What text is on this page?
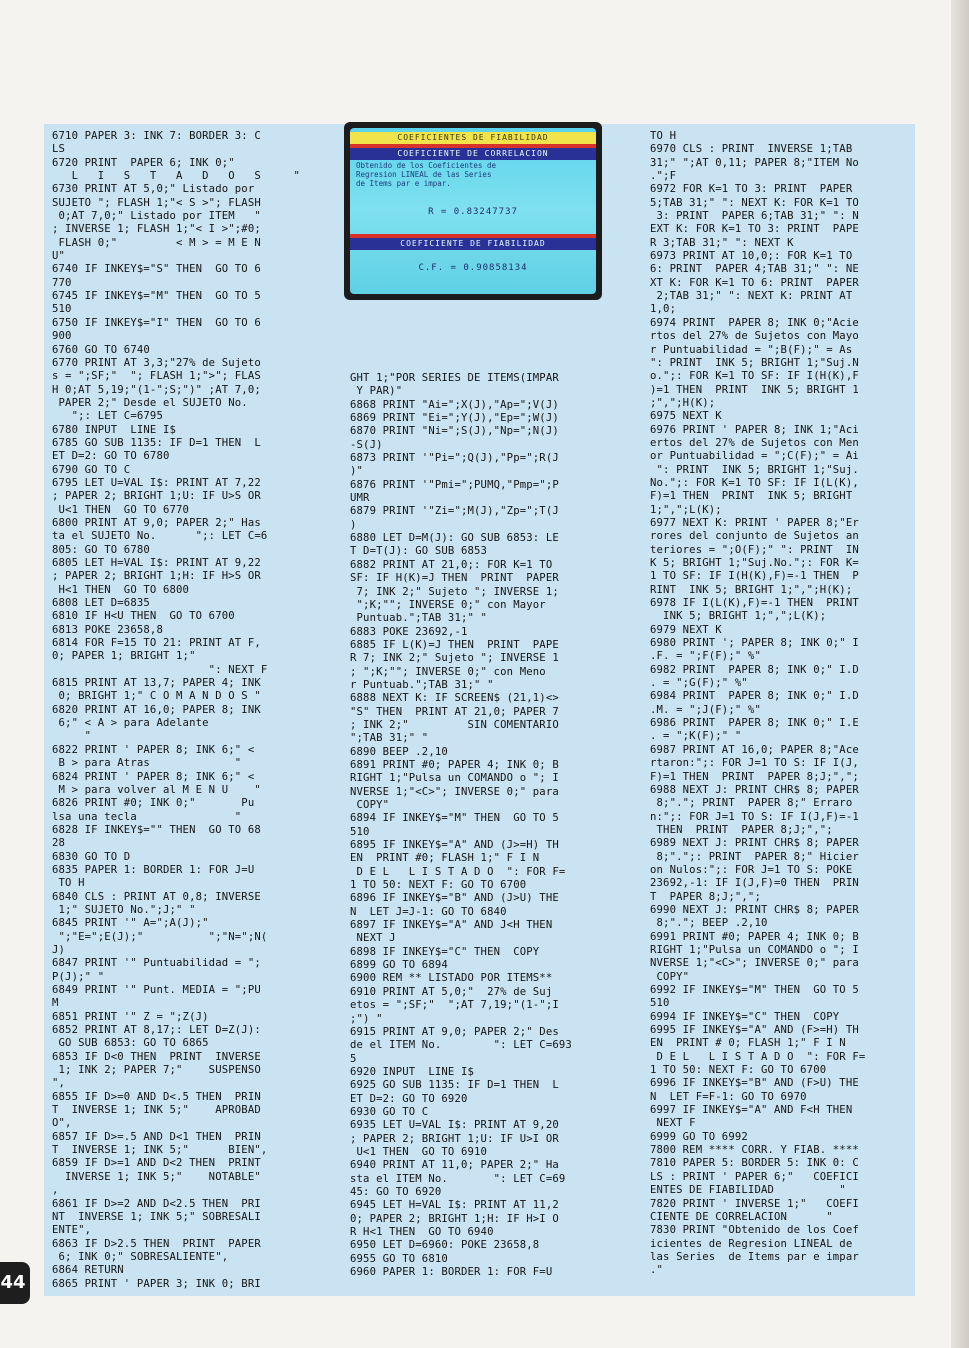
6710 PAPER 3: INK 7: BORDER 3: C
LS
6720 PRINT  PAPER 6; INK 0;"
L   I   S   T   A   D   O   S     "
6730 PRINT AT 5,0;" Listado por
SUJETO "; FLASH 1;"< S >"; FLASH
0;AT 7,0;" Listado por ITEM   "
; INVERSE 1; FLASH 1;"< I >";#0;
FLASH 0;"         < M > = M E N
U"
6740 IF INKEY$="S" THEN  GO TO 6
770
6745 IF INKEY$="M" THEN  GO TO 5
510
6750 IF INKEY$="I" THEN  GO TO 6
900
6760 GO TO 6740
6770 PRINT AT 3,3;"27% de Sujeto
s = ";SF;"  "; FLASH 1;">"; FLAS
H 0;AT 5,19;"(1-";S;")" ;AT 7,0;
PAPER 2;" Desde el SUJETO No.
";: LET C=6795
6780 INPUT  LINE I$
6785 GO SUB 1135: IF D=1 THEN  L
ET D=2: GO TO 6780
6790 GO TO C
6795 LET U=VAL I$: PRINT AT 7,22
; PAPER 2; BRIGHT 1;U: IF U>S OR
U<1 THEN  GO TO 6770
6800 PRINT AT 9,0; PAPER 2;" Has
ta el SUJETO No.      ";: LET C=6
805: GO TO 6780
6805 LET H=VAL I$: PRINT AT 9,22
; PAPER 2; BRIGHT 1;H: IF H>S OR
H<1 THEN  GO TO 6800
6808 LET D=6835
6810 IF H<U THEN  GO TO 6700
6813 POKE 23658,8
6814 FOR F=15 TO 21: PRINT AT F,
0; PAPER 1; BRIGHT 1;"
": NEXT F
6815 PRINT AT 13,7; PAPER 4; INK
0; BRIGHT 1;" C O M A N D O S "
6820 PRINT AT 16,0; PAPER 8; INK
6;" < A > para Adelante
"
6822 PRINT ' PAPER 8; INK 6;" <
B > para Atras             "
6824 PRINT ' PAPER 8; INK 6;" <
M > para volver al M E N U    "
6826 PRINT #0; INK 0;"       Pu
lsa una tecla               "
6828 IF INKEY$="" THEN  GO TO 68
28
6830 GO TO D
6835 PAPER 1: BORDER 1: FOR J=U
TO H
6840 CLS : PRINT AT 0,8; INVERSE
1;" SUJETO No.";J;" "
6845 PRINT '" A=";A(J);"
";"E=";E(J);"          ";"N=";N(
J)
6847 PRINT '" Puntuabilidad = ";
P(J);" "
6849 PRINT '" Punt. MEDIA = ";PU
M
6851 PRINT '" Z = ";Z(J)
6852 PRINT AT 8,17;: LET D=Z(J):
GO SUB 6853: GO TO 6865
6853 IF D<0 THEN  PRINT  INVERSE
1; INK 2; PAPER 7;"    SUSPENSO
",
6855 IF D>=0 AND D<.5 THEN  PRIN
T  INVERSE 1; INK 5;"    APROBAD
O",
6857 IF D>=.5 AND D<1 THEN  PRIN
T  INVERSE 1; INK 5;"      BIEN",
6859 IF D>=1 AND D<2 THEN  PRINT
INVERSE 1; INK 5;"    NOTABLE"
,
6861 IF D>=2 AND D<2.5 THEN  PRI
NT  INVERSE 1; INK 5;" SOBRESALI
ENTE",
6863 IF D>2.5 THEN  PRINT  PAPER
6; INK 0;" SOBRESALIENTE",
6864 RETURN
6865 PRINT ' PAPER 3; INK 0; BRI
GHT 1;"POR SERIES DE ITEMS(IMPAR
Y PAR)"
6868 PRINT "Ai=";X(J),"Ap=";V(J)
6869 PRINT "Ei=";Y(J),"Ep=";W(J)
6870 PRINT "Ni=";S(J),"Np=";N(J)
-S(J)
6873 PRINT '"Pi=";Q(J),"Pp=";R(J
)"
6876 PRINT '"Pmi=";PUMQ,"Pmp=";P
UMR
6879 PRINT '"Zi=";M(J),"Zp=";T(J
)
6880 LET D=M(J): GO SUB 6853: LE
T D=T(J): GO SUB 6853
6882 PRINT AT 21,0;: FOR K=1 TO
SF: IF H(K)=J THEN  PRINT  PAPER
7; INK 2;" Sujeto "; INVERSE 1;
";K;""; INVERSE 0;" con Mayor
Puntuab.";TAB 31;" "
6883 POKE 23692,-1
6885 IF L(K)=J THEN  PRINT  PAPE
R 7; INK 2;" Sujeto "; INVERSE 1
; ";K;""; INVERSE 0;" con Meno
r Puntuab.";TAB 31;" "
6888 NEXT K: IF SCREEN$ (21,1)<>
"S" THEN  PRINT AT 21,0; PAPER 7
; INK 2;"         SIN COMENTARIO
";TAB 31;" "
6890 BEEP .2,10
6891 PRINT #0; PAPER 4; INK 0; B
RIGHT 1;"Pulsa un COMANDO o "; I
NVERSE 1;"<C>"; INVERSE 0;" para
COPY"
6894 IF INKEY$="M" THEN  GO TO 5
510
6895 IF INKEY$="A" AND (J>=H) TH
EN  PRINT #0; FLASH 1;" F I N
D E L   L I S T A D O  ": FOR F=
1 TO 50: NEXT F: GO TO 6700
6896 IF INKEY$="B" AND (J>U) THE
N  LET J=J-1: GO TO 6840
6897 IF INKEY$="A" AND J<H THEN
NEXT J
6898 IF INKEY$="C" THEN  COPY
6899 GO TO 6894
6900 REM ** LISTADO POR ITEMS**
6910 PRINT AT 5,0;"  27% de Suj
etos = ";SF;"  ";AT 7,19;"(1-";I
;") "
6915 PRINT AT 9,0; PAPER 2;" Des
de el ITEM No.        ": LET C=693
5
6920 INPUT  LINE I$
6925 GO SUB 1135: IF D=1 THEN  L
ET D=2: GO TO 6920
6930 GO TO C
6935 LET U=VAL I$: PRINT AT 9,20
; PAPER 2; BRIGHT 1;U: IF U>I OR
U<1 THEN  GO TO 6910
6940 PRINT AT 11,0; PAPER 2;" Ha
sta el ITEM No.       ": LET C=69
45: GO TO 6920
6945 LET H=VAL I$: PRINT AT 11,2
0; PAPER 2; BRIGHT 1;H: IF H>I O
R H<1 THEN  GO TO 6940
6950 LET D=6960: POKE 23658,8
6955 GO TO 6810
6960 PAPER 1: BORDER 1: FOR F=U
TO H
6970 CLS : PRINT  INVERSE 1;TAB
31;" ";AT 0,11; PAPER 8;"ITEM No
.";F
6972 FOR K=1 TO 3: PRINT  PAPER
5;TAB 31;" ": NEXT K: FOR K=1 TO
3: PRINT  PAPER 6;TAB 31;" ": N
EXT K: FOR K=1 TO 3: PRINT  PAPE
R 3;TAB 31;" ": NEXT K
6973 PRINT AT 10,0;: FOR K=1 TO
6: PRINT  PAPER 4;TAB 31;" ": NE
XT K: FOR K=1 TO 6: PRINT  PAPER
2;TAB 31;" ": NEXT K: PRINT AT
1,0;
6974 PRINT  PAPER 8; INK 0;"Acie
rtos del 27% de Sujetos con Mayo
r Puntuabilidad = ";B(F);" = As
": PRINT  INK 5; BRIGHT 1;"Suj.N
o.";: FOR K=1 TO SF: IF I(H(K),F
)=1 THEN  PRINT  INK 5; BRIGHT 1
;",";H(K);
6975 NEXT K
6976 PRINT ' PAPER 8; INK 1;"Aci
ertos del 27% de Sujetos con Men
or Puntuabilidad = ";C(F);" = Ai
": PRINT  INK 5; BRIGHT 1;"Suj.
No.";: FOR K=1 TO SF: IF I(L(K),
F)=1 THEN  PRINT  INK 5; BRIGHT
1;",";L(K);
6977 NEXT K: PRINT ' PAPER 8;"Er
rores del conjunto de Sujetos an
teriores = ";O(F);" ": PRINT  IN
K 5; BRIGHT 1;"Suj.No.";: FOR K=
1 TO SF: IF I(H(K),F)=-1 THEN  P
RINT  INK 5; BRIGHT 1;",";H(K);
6978 IF I(L(K),F)=-1 THEN  PRINT
INK 5; BRIGHT 1;",";L(K);
6979 NEXT K
6980 PRINT '; PAPER 8; INK 0;" I
.F. = ";F(F);" %"
6982 PRINT  PAPER 8; INK 0;" I.D
. = ";G(F);" %"
6984 PRINT  PAPER 8; INK 0;" I.D
.M. = ";J(F);" %"
6986 PRINT  PAPER 8; INK 0;" I.E
. = ";K(F);" "
6987 PRINT AT 16,0; PAPER 8;"Ace
rtaron:";: FOR J=1 TO S: IF I(J,
F)=1 THEN  PRINT  PAPER 8;J;",";
6988 NEXT J: PRINT CHR$ 8; PAPER
8;"."; PRINT  PAPER 8;" Erraro
n:";: FOR J=1 TO S: IF I(J,F)=-1
THEN  PRINT  PAPER 8;J;",";
6989 NEXT J: PRINT CHR$ 8; PAPER
8;".";: PRINT  PAPER 8;" Hicier
on Nulos:";: FOR J=1 TO S: POKE
23692,-1: IF I(J,F)=0 THEN  PRIN
T  PAPER 8;J;",";
6990 NEXT J: PRINT CHR$ 8; PAPER
8;"."; BEEP .2,10
6991 PRINT #0; PAPER 4; INK 0; B
RIGHT 1;"Pulsa un COMANDO o "; I
NVERSE 1;"<C>"; INVERSE 0;" para
COPY"
6992 IF INKEY$="M" THEN  GO TO 5
510
6994 IF INKEY$="C" THEN  COPY
6995 IF INKEY$="A" AND (F>=H) TH
EN  PRINT # 0; FLASH 1;" F I N
D E L   L I S T A D O  ": FOR F=
1 TO 50: NEXT F: GO TO 6700
6996 IF INKEY$="B" AND (F>U) THE
N  LET F=F-1: GO TO 6970
6997 IF INKEY$="A" AND F<H THEN
NEXT F
6999 GO TO 6992
7800 REM **** CORR. Y FIAB. ****
7810 PAPER 5: BORDER 5: INK 0: C
LS : PRINT ' PAPER 6;"   COEFICI
ENTES DE FIABILIDAD          "
7820 PRINT ' INVERSE 1;"   COEFI
CIENTE DE CORRELACION      "
7830 PRINT "Obtenido de los Coef
icientes de Regresion LINEAL de
las Series  de Items par e impar
."
COEFICIENTES DE FIABILIDAD
COEFICIENTE DE CORRELACION
Obtenido de los Coeficientes de
Regresion LINEAL de las Series
de Items par e impar.
R = 0.83247737
COEFICIENTE DE FIABILIDAD
C.F. = 0.90858134
44
